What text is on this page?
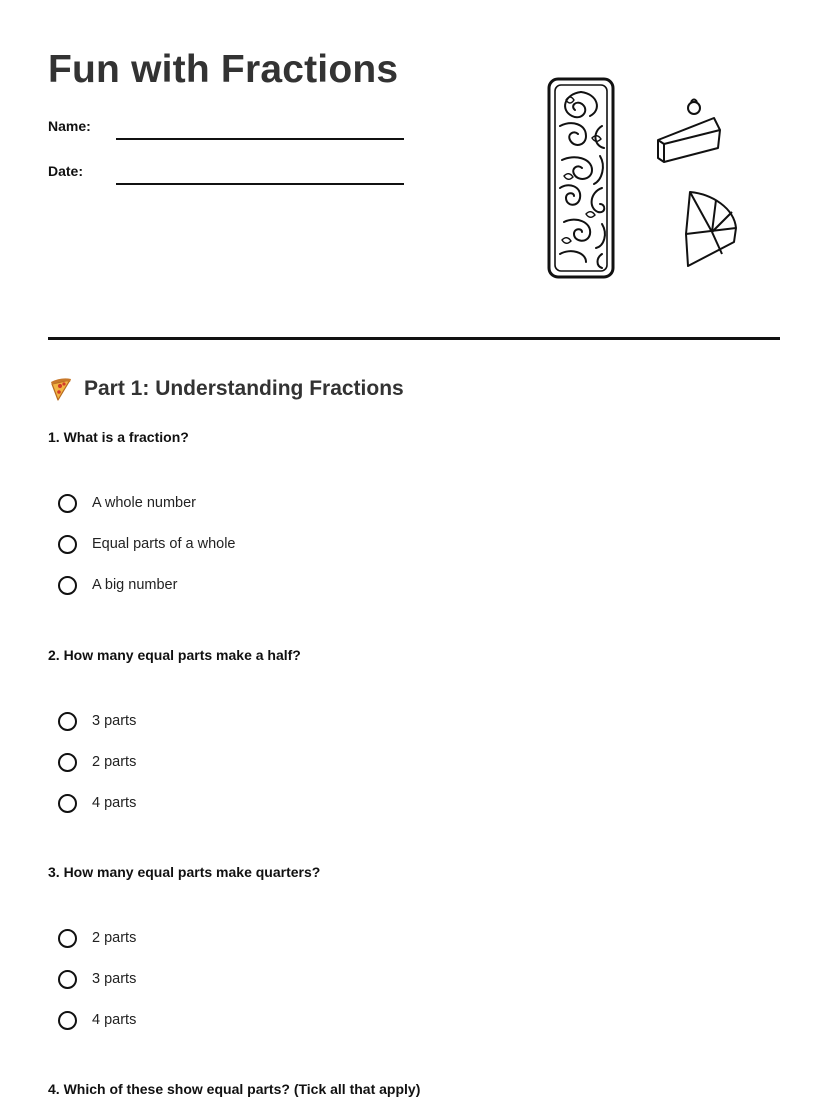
Fun with Fractions
Name:
Date:
Part 1: Understanding Fractions
1. What is a fraction?
A whole number
Equal parts of a whole
A big number
2. How many equal parts make a half?
3 parts
2 parts
4 parts
3. How many equal parts make quarters?
2 parts
3 parts
4 parts
4. Which of these show equal parts? (Tick all that apply)
